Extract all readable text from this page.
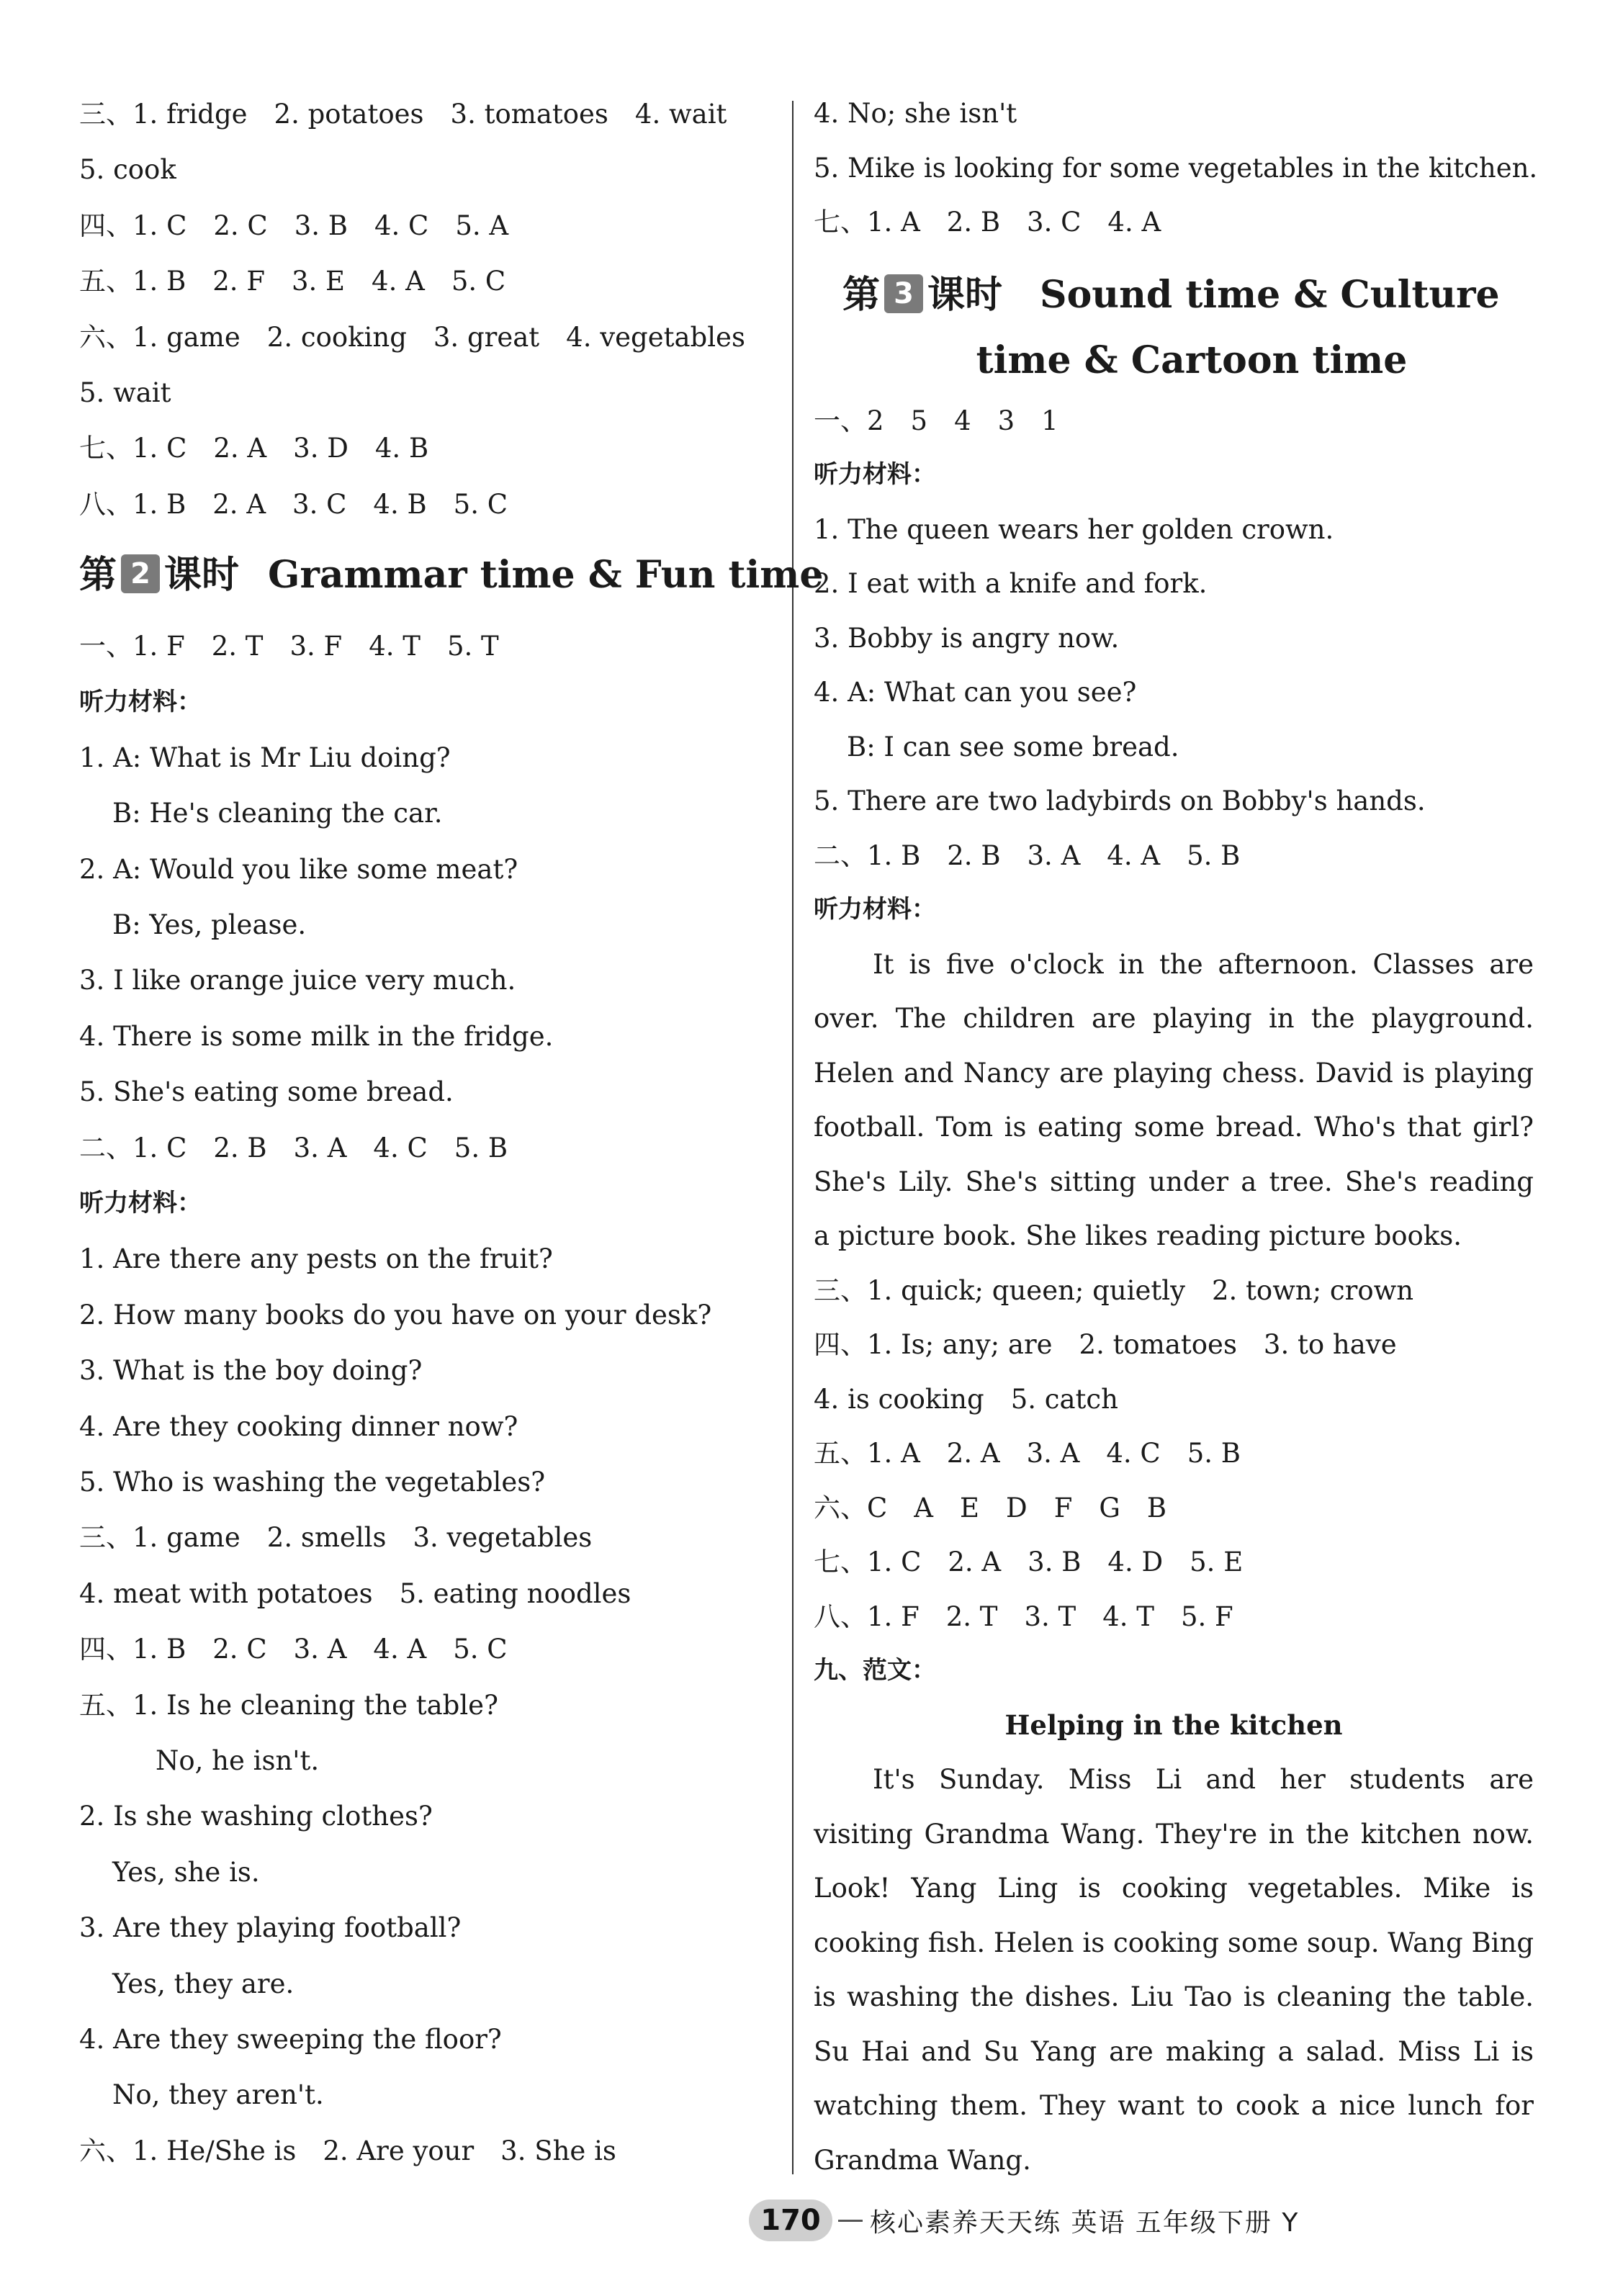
三、1. fridge　2. potatoes　3. tomatoes　4. wait
5. cook
四、1. C　2. C　3. B　4. C　5. A
五、1. B　2. F　3. E　4. A　5. C
六、1. game　2. cooking　3. great　4. vegetables
5. wait
七、1. C　2. A　3. D　4. B
八、1. B　2. A　3. C　4. B　5. C
第 2 课时 Grammar time & Fun time
一、1. F　2. T　3. F　4. T　5. T
听力材料：
1. A: What is Mr Liu doing?
B: He's cleaning the car.
2. A: Would you like some meat?
B: Yes, please.
3. I like orange juice very much.
4. There is some milk in the fridge.
5. She's eating some bread.
二、1. C　2. B　3. A　4. C　5. B
听力材料：
1. Are there any pests on the fruit?
2. How many books do you have on your desk?
3. What is the boy doing?
4. Are they cooking dinner now?
5. Who is washing the vegetables?
三、1. game　2. smells　3. vegetables
4. meat with potatoes　5. eating noodles
四、1. B　2. C　3. A　4. A　5. C
五、1. Is he cleaning the table?
No, he isn't.
2. Is she washing clothes?
Yes, she is.
3. Are they playing football?
Yes, they are.
4. Are they sweeping the floor?
No, they aren't.
六、1. He/She is　2. Are your　3. She is
4. No; she isn't
5. Mike is looking for some vegetables in the kitchen.
七、1. A　2. B　3. C　4. A
第 3 课时 Sound time & Culture
time & Cartoon time
一、2　5　4　3　1
听力材料：
1. The queen wears her golden crown.
2. I eat with a knife and fork.
3. Bobby is angry now.
4. A: What can you see?
B: I can see some bread.
5. There are two ladybirds on Bobby's hands.
二、1. B　2. B　3. A　4. A　5. B
听力材料：
It is five o'clock in the afternoon. Classes are
over. The children are playing in the playground.
Helen and Nancy are playing chess. David is playing
football. Tom is eating some bread. Who's that girl?
She's Lily. She's sitting under a tree. She's reading
a picture book. She likes reading picture books.
三、1. quick; queen; quietly　2. town; crown
四、1. Is; any; are　2. tomatoes　3. to have
4. is cooking　5. catch
五、1. A　2. A　3. A　4. C　5. B
六、C　A　E　D　F　G　B
七、1. C　2. A　3. B　4. D　5. E
八、1. F　2. T　3. T　4. T　5. F
九、范文：
Helping in the kitchen
It's Sunday. Miss Li and her students are
visiting Grandma Wang. They're in the kitchen now.
Look! Yang Ling is cooking vegetables. Mike is
cooking fish. Helen is cooking some soup. Wang Bing
is washing the dishes. Liu Tao is cleaning the table.
Su Hai and Su Yang are making a salad. Miss Li is
watching them. They want to cook a nice lunch for
Grandma Wang.
170	核心素养天天练 英语 五年级下册 Y
